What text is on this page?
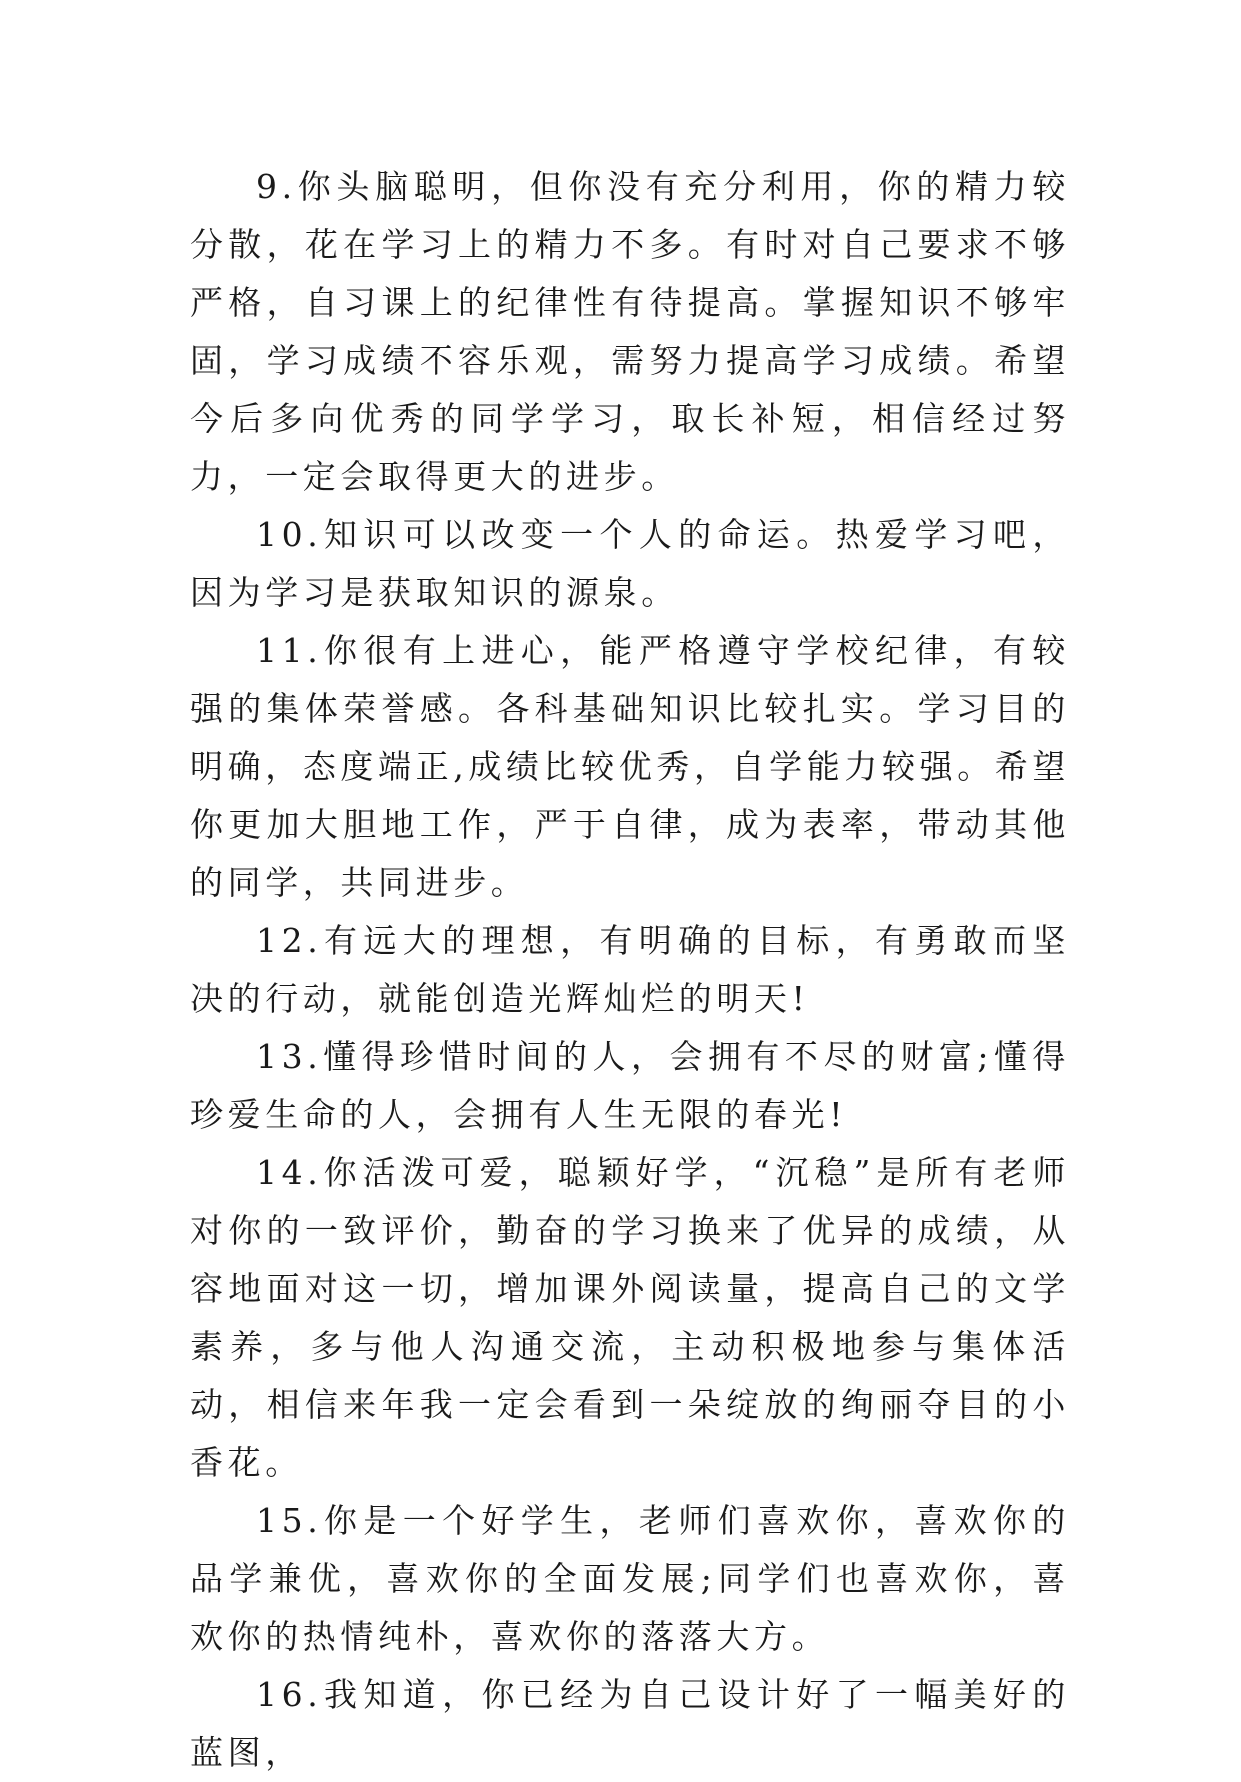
9.你头脑聪明，但你没有充分利用，你的精力较分散，花在学习上的精力不多。有时对自己要求不够严格，自习课上的纪律性有待提高。掌握知识不够牢固，学习成绩不容乐观，需努力提高学习成绩。希望今后多向优秀的同学学习，取长补短，相信经过努力，一定会取得更大的进步。

10.知识可以改变一个人的命运。热爱学习吧，因为学习是获取知识的源泉。

11.你很有上进心，能严格遵守学校纪律，有较强的集体荣誉感。各科基础知识比较扎实。学习目的明确，态度端正,成绩比较优秀，自学能力较强。希望你更加大胆地工作，严于自律，成为表率，带动其他的同学，共同进步。

12.有远大的理想，有明确的目标，有勇敢而坚决的行动，就能创造光辉灿烂的明天!

13.懂得珍惜时间的人，会拥有不尽的财富;懂得珍爱生命的人，会拥有人生无限的春光!

14.你活泼可爱，聪颖好学，“沉稳”是所有老师对你的一致评价，勤奋的学习换来了优异的成绩，从容地面对这一切，增加课外阅读量，提高自己的文学素养，多与他人沟通交流，主动积极地参与集体活动，相信来年我一定会看到一朵绽放的绚丽夺目的小香花。

15.你是一个好学生，老师们喜欢你，喜欢你的品学兼优，喜欢你的全面发展;同学们也喜欢你，喜欢你的热情纯朴，喜欢你的落落大方。

16.我知道，你已经为自己设计好了一幅美好的蓝图，
